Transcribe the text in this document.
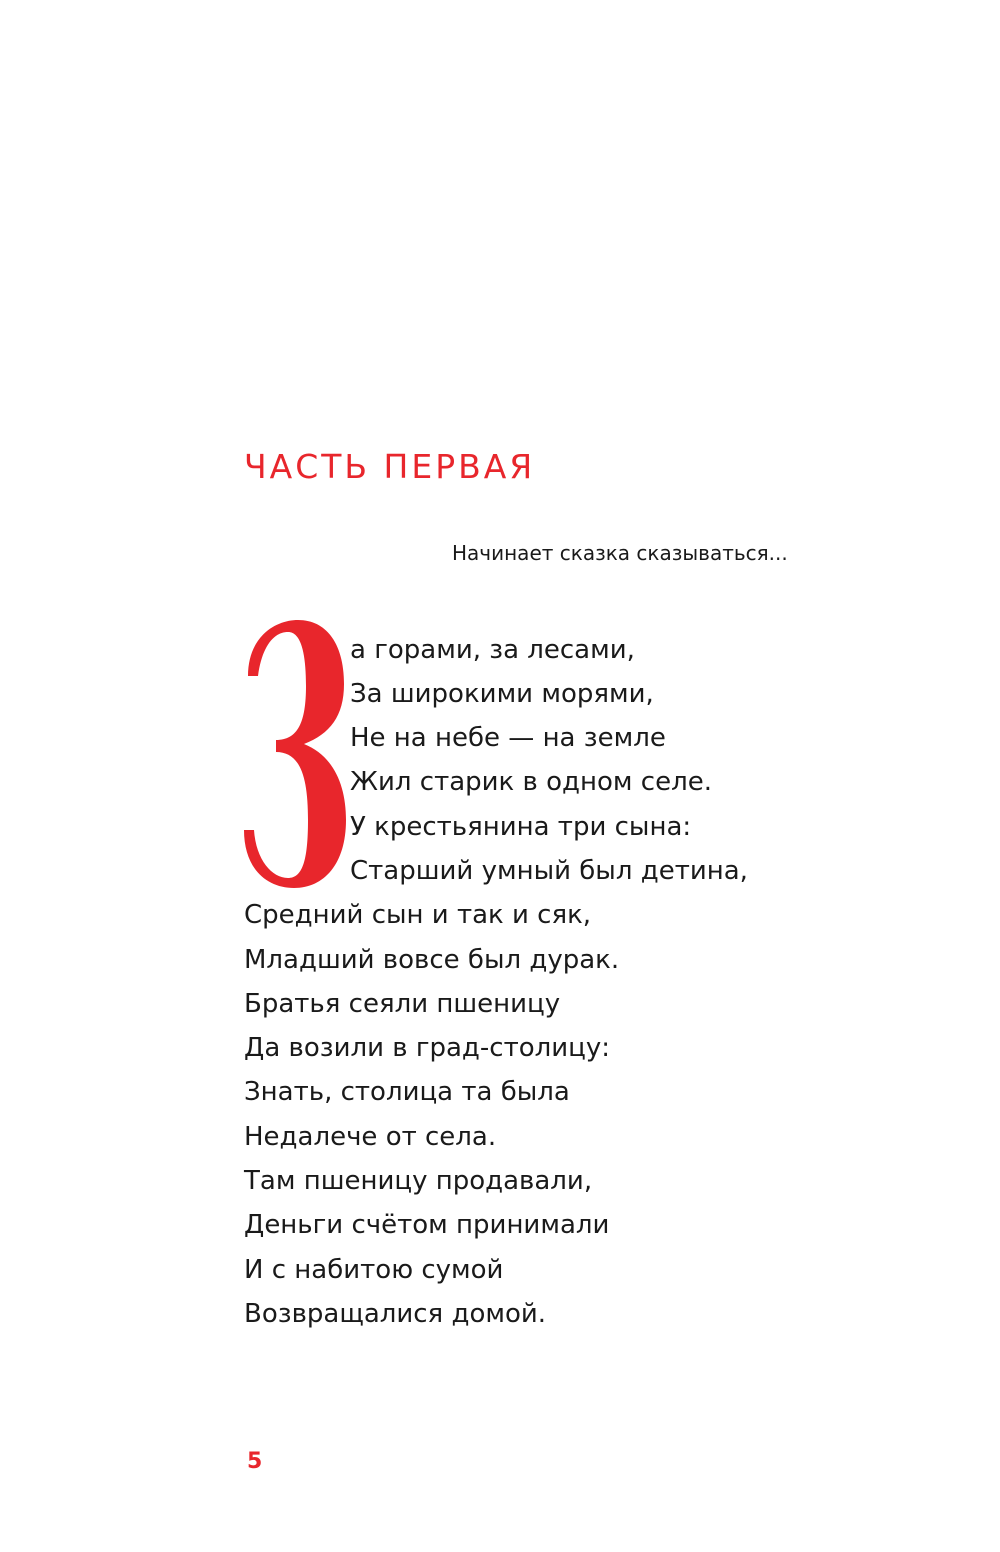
ЧАСТЬ ПЕРВАЯ
Начинает сказка сказываться...
а горами, за лесами,
За широкими морями,
Не на небе — на земле
Жил старик в одном селе.
У крестьянина три сына:
Старший умный был детина,
Средний сын и так и сяк,
Младший вовсе был дурак.
Братья сеяли пшеницу
Да возили в град-столицу:
Знать, столица та была
Недалече от села.
Там пшеницу продавали,
Деньги счётом принимали
И с набитою сумой
Возвращалися домой.
5
